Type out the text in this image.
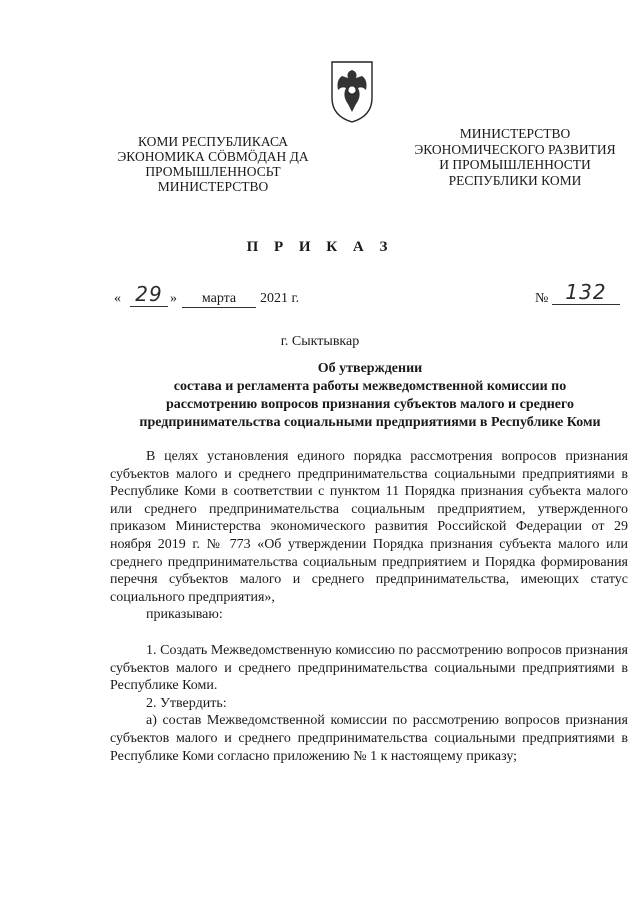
КОМИ РЕСПУБЛИКАСА
ЭКОНОМИКА СÖВМÖДАН ДА
ПРОМЫШЛЕННОСЬТ
МИНИСТЕРСТВО
МИНИСТЕРСТВО
ЭКОНОМИЧЕСКОГО РАЗВИТИЯ
И ПРОМЫШЛЕННОСТИ
РЕСПУБЛИКИ КОМИ
П Р И К А З
« 29 »	марта	2021 г.	№ 132
г. Сыктывкар
Об утверждении
состава и регламента работы межведомственной комиссии по
рассмотрению вопросов признания субъектов малого и среднего
предпринимательства социальными предприятиями в Республике Коми

В целях установления единого порядка рассмотрения вопросов признания субъектов малого и среднего предпринимательства социальными предприятиями в Республике Коми в соответствии с пунктом 11 Порядка признания субъекта малого или среднего предпринимательства социальным предприятием, утвержденного приказом Министерства экономического развития Российской Федерации от 29 ноября 2019 г. № 773 «Об утверждении Порядка признания субъекта малого или среднего предпринимательства социальным предприятием и Порядка формирования перечня субъектов малого и среднего предпринимательства, имеющих статус социального предприятия»,

приказываю:

1. Создать Межведомственную комиссию по рассмотрению вопросов признания субъектов малого и среднего предпринимательства социальными предприятиями в Республике Коми.

2. Утвердить:

а) состав Межведомственной комиссии по рассмотрению вопросов признания субъектов малого и среднего предпринимательства социальными предприятиями в Республике Коми согласно приложению № 1 к настоящему приказу;
